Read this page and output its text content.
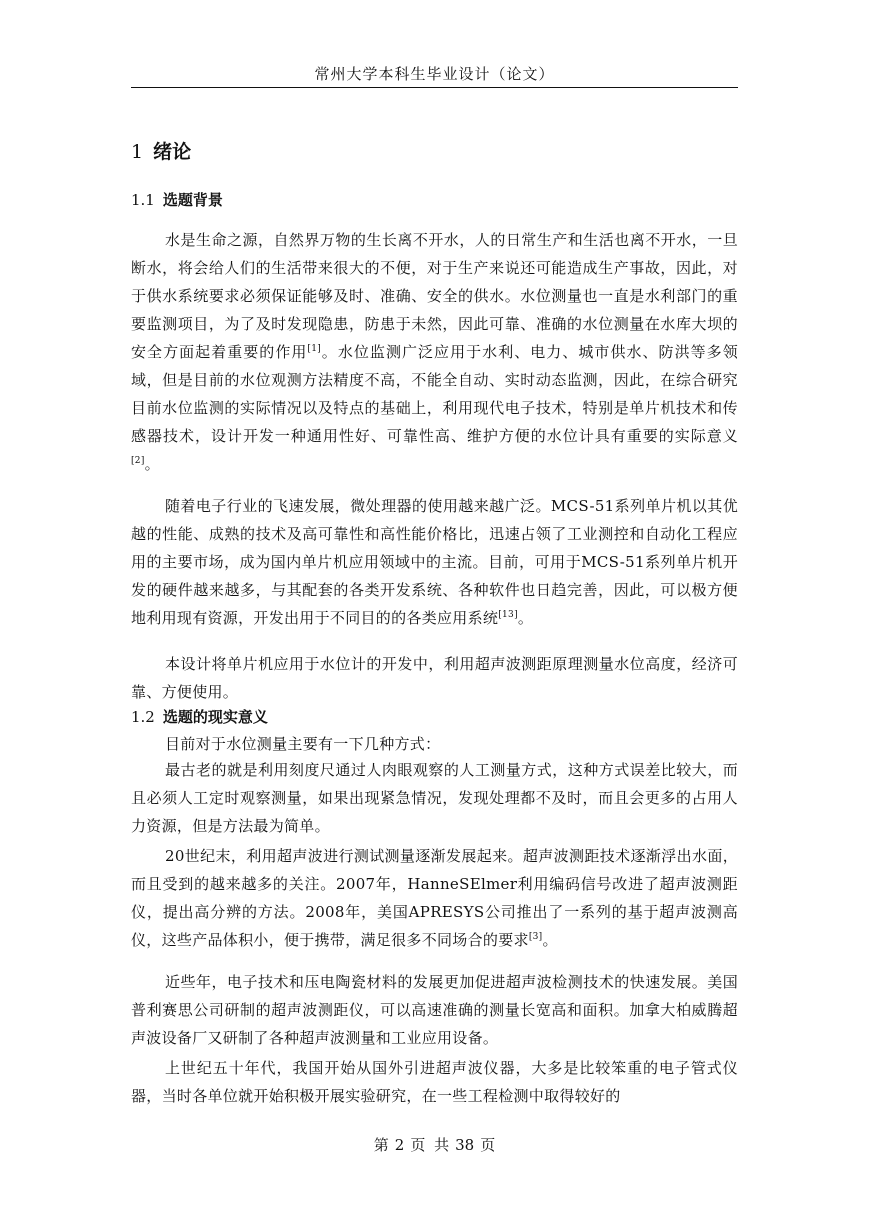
常州大学本科生毕业设计（论文）
1 绪论
1.1 选题背景

水是生命之源，自然界万物的生长离不开水，人的日常生产和生活也离不开水，一旦断水，将会给人们的生活带来很大的不便，对于生产来说还可能造成生产事故，因此，对于供水系统要求必须保证能够及时、准确、安全的供水。水位测量也一直是水利部门的重要监测项目，为了及时发现隐患，防患于未然，因此可靠、准确的水位测量在水库大坝的安全方面起着重要的作用[1]。水位监测广泛应用于水利、电力、城市供水、防洪等多领域，但是目前的水位观测方法精度不高，不能全自动、实时动态监测，因此，在综合研究目前水位监测的实际情况以及特点的基础上，利用现代电子技术，特别是单片机技术和传感器技术，设计开发一种通用性好、可靠性高、维护方便的水位计具有重要的实际意义[2]。

随着电子行业的飞速发展，微处理器的使用越来越广泛。MCS-51系列单片机以其优越的性能、成熟的技术及高可靠性和高性能价格比，迅速占领了工业测控和自动化工程应用的主要市场，成为国内单片机应用领域中的主流。目前，可用于MCS-51系列单片机开发的硬件越来越多，与其配套的各类开发系统、各种软件也日趋完善，因此，可以极方便地利用现有资源，开发出用于不同目的的各类应用系统[13]。

本设计将单片机应用于水位计的开发中，利用超声波测距原理测量水位高度，经济可靠、方便使用。

1.2 选题的现实意义

目前对于水位测量主要有一下几种方式：

最古老的就是利用刻度尺通过人肉眼观察的人工测量方式，这种方式误差比较大，而且必须人工定时观察测量，如果出现紧急情况，发现处理都不及时，而且会更多的占用人力资源，但是方法最为简单。

20世纪末，利用超声波进行测试测量逐渐发展起来。超声波测距技术逐渐浮出水面，而且受到的越来越多的关注。2007年，HanneSElmer利用编码信号改进了超声波测距仪，提出高分辨的方法。2008年，美国APRESYS公司推出了一系列的基于超声波测高仪，这些产品体积小，便于携带，满足很多不同场合的要求[3]。

近些年，电子技术和压电陶瓷材料的发展更加促进超声波检测技术的快速发展。美国普利赛思公司研制的超声波测距仪，可以高速准确的测量长宽高和面积。加拿大柏威腾超声波设备厂又研制了各种超声波测量和工业应用设备。

上世纪五十年代，我国开始从国外引进超声波仪器，大多是比较笨重的电子管式仪器，当时各单位就开始积极开展实验研究，在一些工程检测中取得较好的

第 2 页 共 38 页
